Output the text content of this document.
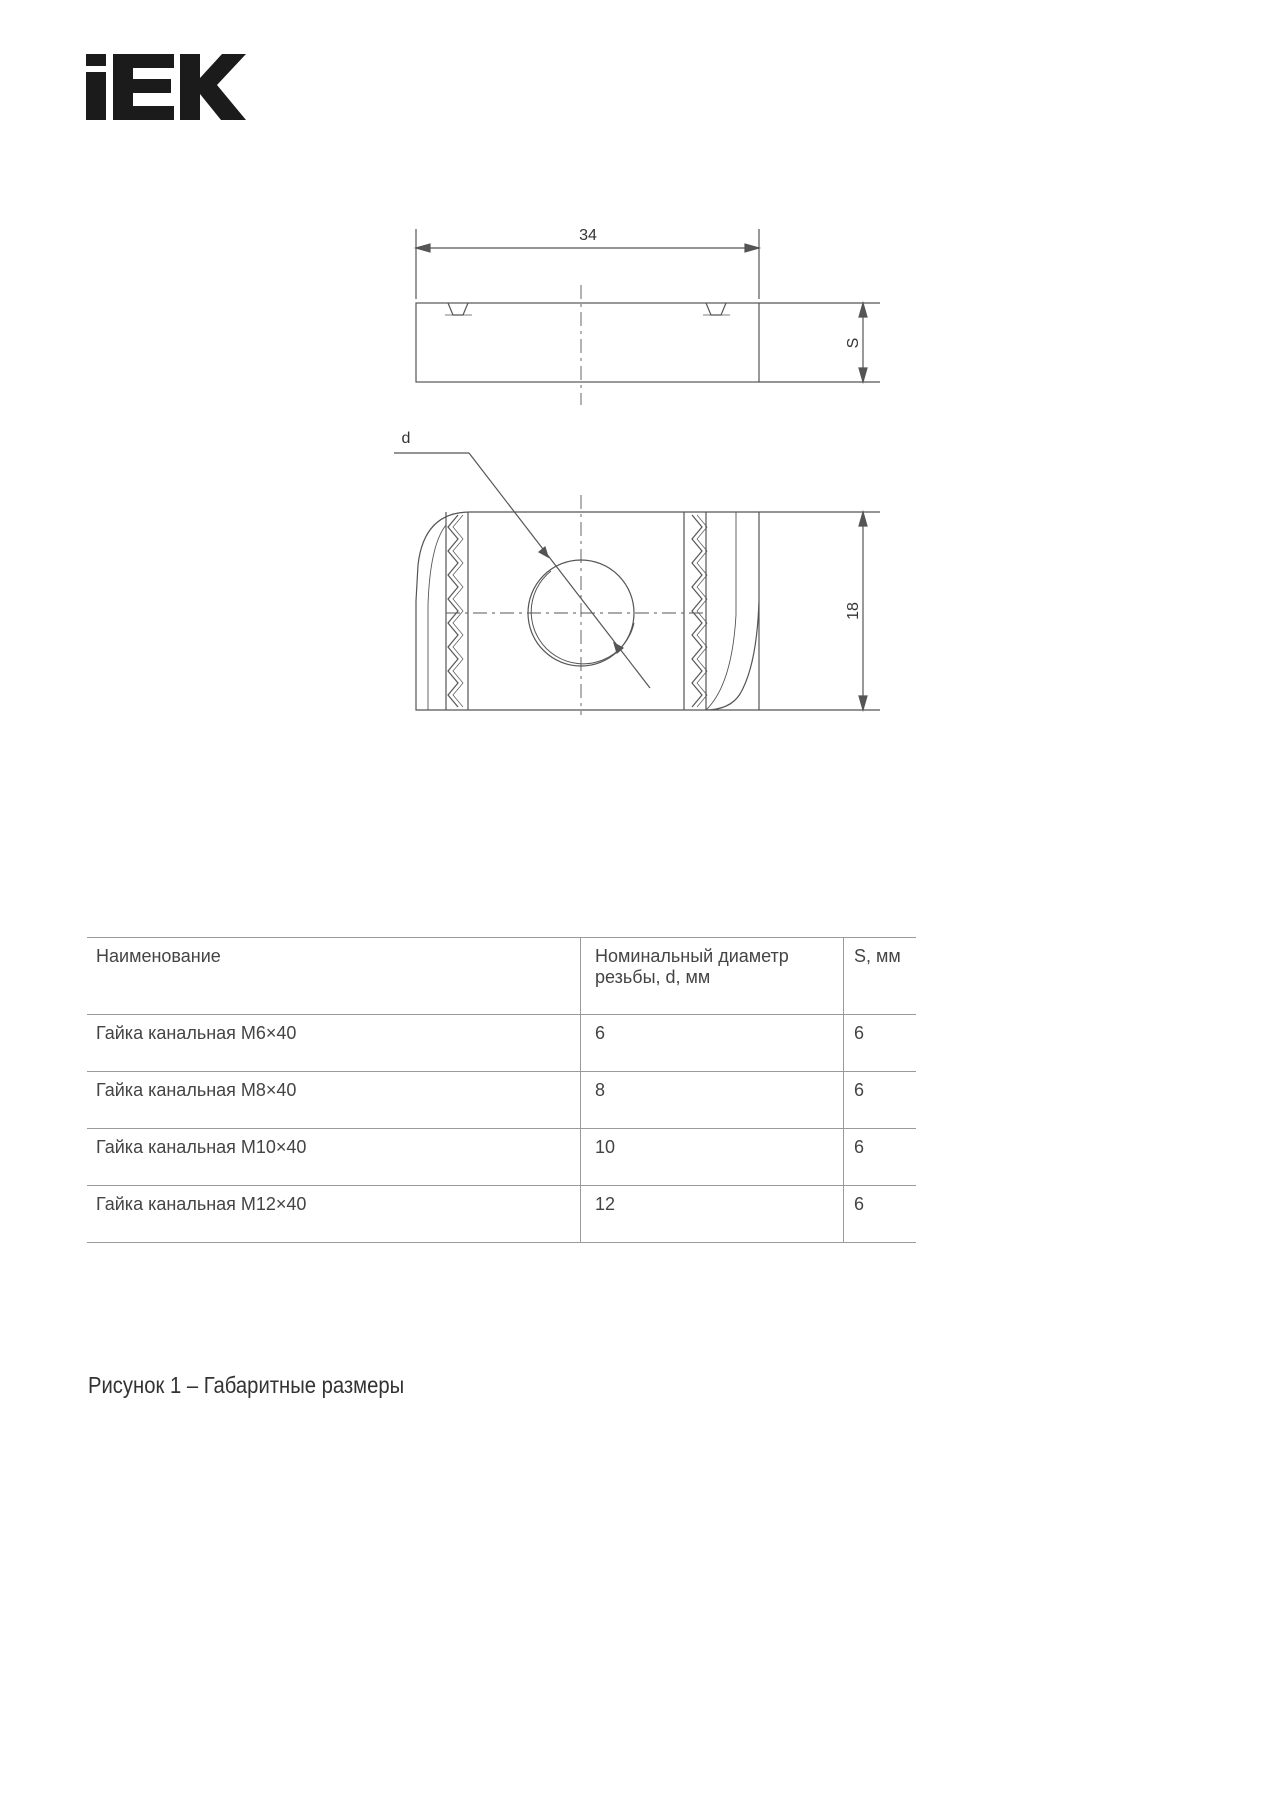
34
S
d
18
Наименование	Номинальный диаметр резьбы, d, мм	S, мм
Гайка канальная M6×40	6	6
Гайка канальная M8×40	8	6
Гайка канальная M10×40	10	6
Гайка канальная M12×40	12	6
Рисунок 1 – Габаритные размеры
